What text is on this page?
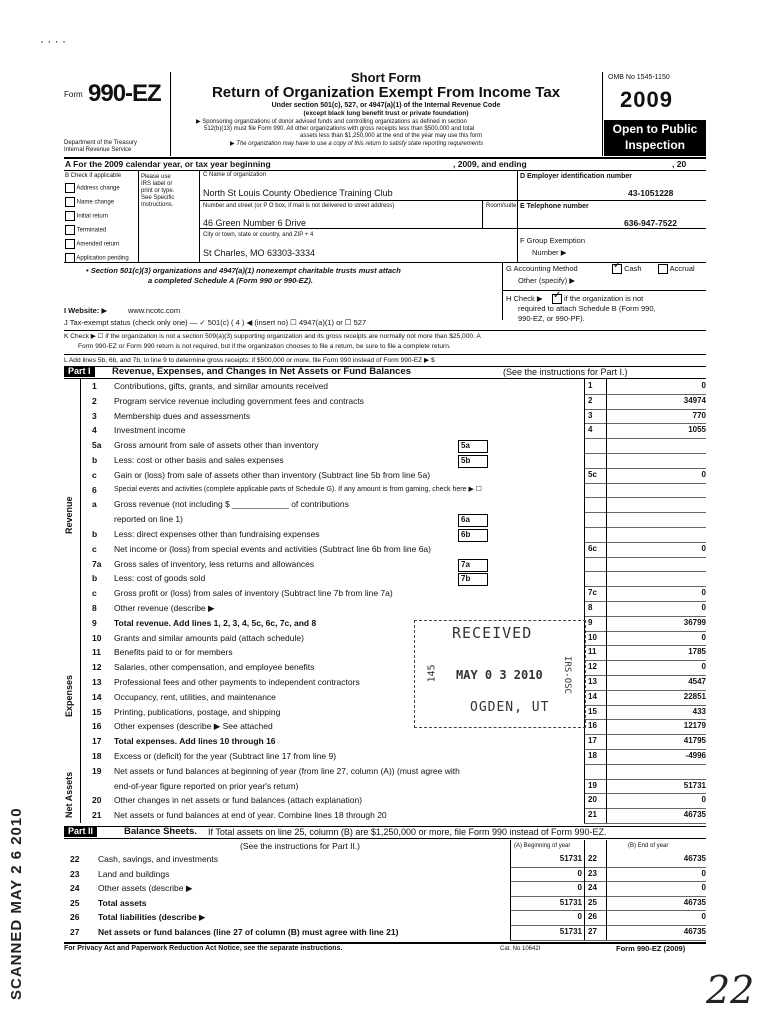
· · · ·
Form 990-EZ
Department of the Treasury
Internal Revenue Service
Short Form
Return of Organization Exempt From Income Tax
Under section 501(c), 527, or 4947(a)(1) of the Internal Revenue Code
(except black lung benefit trust or private foundation)
▶ Sponsoring organizations of donor advised funds and controlling organizations as defined in section
512(b)(13) must file Form 990. All other organizations with gross receipts less than $500,000 and total
assets less than $1,250,000 at the end of the year may use this form
▶ The organization may have to use a copy of this return to satisfy state reporting requirements
OMB No 1545-1150
2009
Open to Public
Inspection
A For the 2009 calendar year, or tax year beginning	, 2009, and ending	, 20
B Check if applicable
Address change
Name change
Initial return
Terminated
Amended return
Application pending
Please use IRS label or print or type. See Specific Instructions.
C Name of organization
North St Louis County Obedience Training Club
Number and street (or P O box, if mail is not delivered to street address)	Room/suite
46 Green Number 6 Drive
City or town, state or country, and ZIP + 4
St Charles, MO 63303-3334
D Employer identification number
43-1051228
E Telephone number
636-947-7522
F Group Exemption
Number ▶
• Section 501(c)(3) organizations and 4947(a)(1) nonexempt charitable trusts must attach
a completed Schedule A (Form 990 or 990-EZ).
G Accounting Method	✓ Cash	Accrual
Other (specify) ▶
H Check ▶ ✓ if the organization is not
required to attach Schedule B (Form 990,
990-EZ, or 990-PF).
I Website: ▶	www.ncotc.com
J Tax-exempt status (check only one) — ✓ 501(c) ( 4 ) ◀ (insert no) ☐ 4947(a)(1) or ☐ 527
K Check ▶ ☐ if the organization is not a section 509(a)(3) supporting organization and its gross receipts are normally not more than $25,000. A
Form 990-EZ or Form 990 return is not required, but if the organization chooses to file a return, be sure to file a complete return.
L Add lines 5b, 6b, and 7b, to line 9 to determine gross receipts; if $500,000 or more, file Form 990 instead of Form 990-EZ ▶ $
Part I	Revenue, Expenses, and Changes in Net Assets or Fund Balances	(See the instructions for Part I.)
1 Contributions, gifts, grants, and similar amounts received	1	0
2 Program service revenue including government fees and contracts	2	34974
3 Membership dues and assessments	3	770
4 Investment income	4	1055
5a Gross amount from sale of assets other than inventory	5a
b Less: cost or other basis and sales expenses	5b
c Gain or (loss) from sale of assets other than inventory (Subtract line 5b from line 5a)	5c	0
6 Special events and activities (complete applicable parts of Schedule G). If any amount is from gaming, check here ▶ ☐
a Gross revenue (not including $ ____________ of contributions
reported on line 1)	6a
b Less: direct expenses other than fundraising expenses	6b
c Net income or (loss) from special events and activities (Subtract line 6b from line 6a)	6c	0
7a Gross sales of inventory, less returns and allowances	7a
b Less: cost of goods sold	7b
c Gross profit or (loss) from sales of inventory (Subtract line 7b from line 7a)	7c	0
8 Other revenue (describe ▶	8	0
9 Total revenue. Add lines 1, 2, 3, 4, 5c, 6c, 7c, and 8	9	36799
10 Grants and similar amounts paid (attach schedule)	10	0
11 Benefits paid to or for members	11	1785
12 Salaries, other compensation, and employee benefits	12	0
13 Professional fees and other payments to independent contractors	13	4547
14 Occupancy, rent, utilities, and maintenance	14	22851
15 Printing, publications, postage, and shipping	15	433
16 Other expenses (describe ▶ See attached	16	12179
17 Total expenses. Add lines 10 through 16	17	41795
18 Excess or (deficit) for the year (Subtract line 17 from line 9)	18	-4996
19 Net assets or fund balances at beginning of year (from line 27, column (A)) (must agree with
end-of-year figure reported on prior year's return)	19	51731
20 Other changes in net assets or fund balances (attach explanation)	20	0
21 Net assets or fund balances at end of year. Combine lines 18 through 20	21	46735
Revenue
Expenses
Net Assets
Part II	Balance Sheets. If Total assets on line 25, column (B) are $1,250,000 or more, file Form 990 instead of Form 990-EZ.
(See the instructions for Part II.)	(A) Beginning of year	(B) End of year
22 Cash, savings, and investments	51731 22	46735
23 Land and buildings	0 23	0
24 Other assets (describe ▶	0 24	0
25 Total assets	51731 25	46735
26 Total liabilities (describe ▶	0 26	0
27 Net assets or fund balances (line 27 of column (B) must agree with line 21)	51731 27	46735
For Privacy Act and Paperwork Reduction Act Notice, see the separate instructions.	Cat. No 10642I	Form 990-EZ (2009)
RECEIVED
MAY 0 3 2010
OGDEN, UT
145	IRS-OSC
SCANNED MAY 2 6 2010	22
